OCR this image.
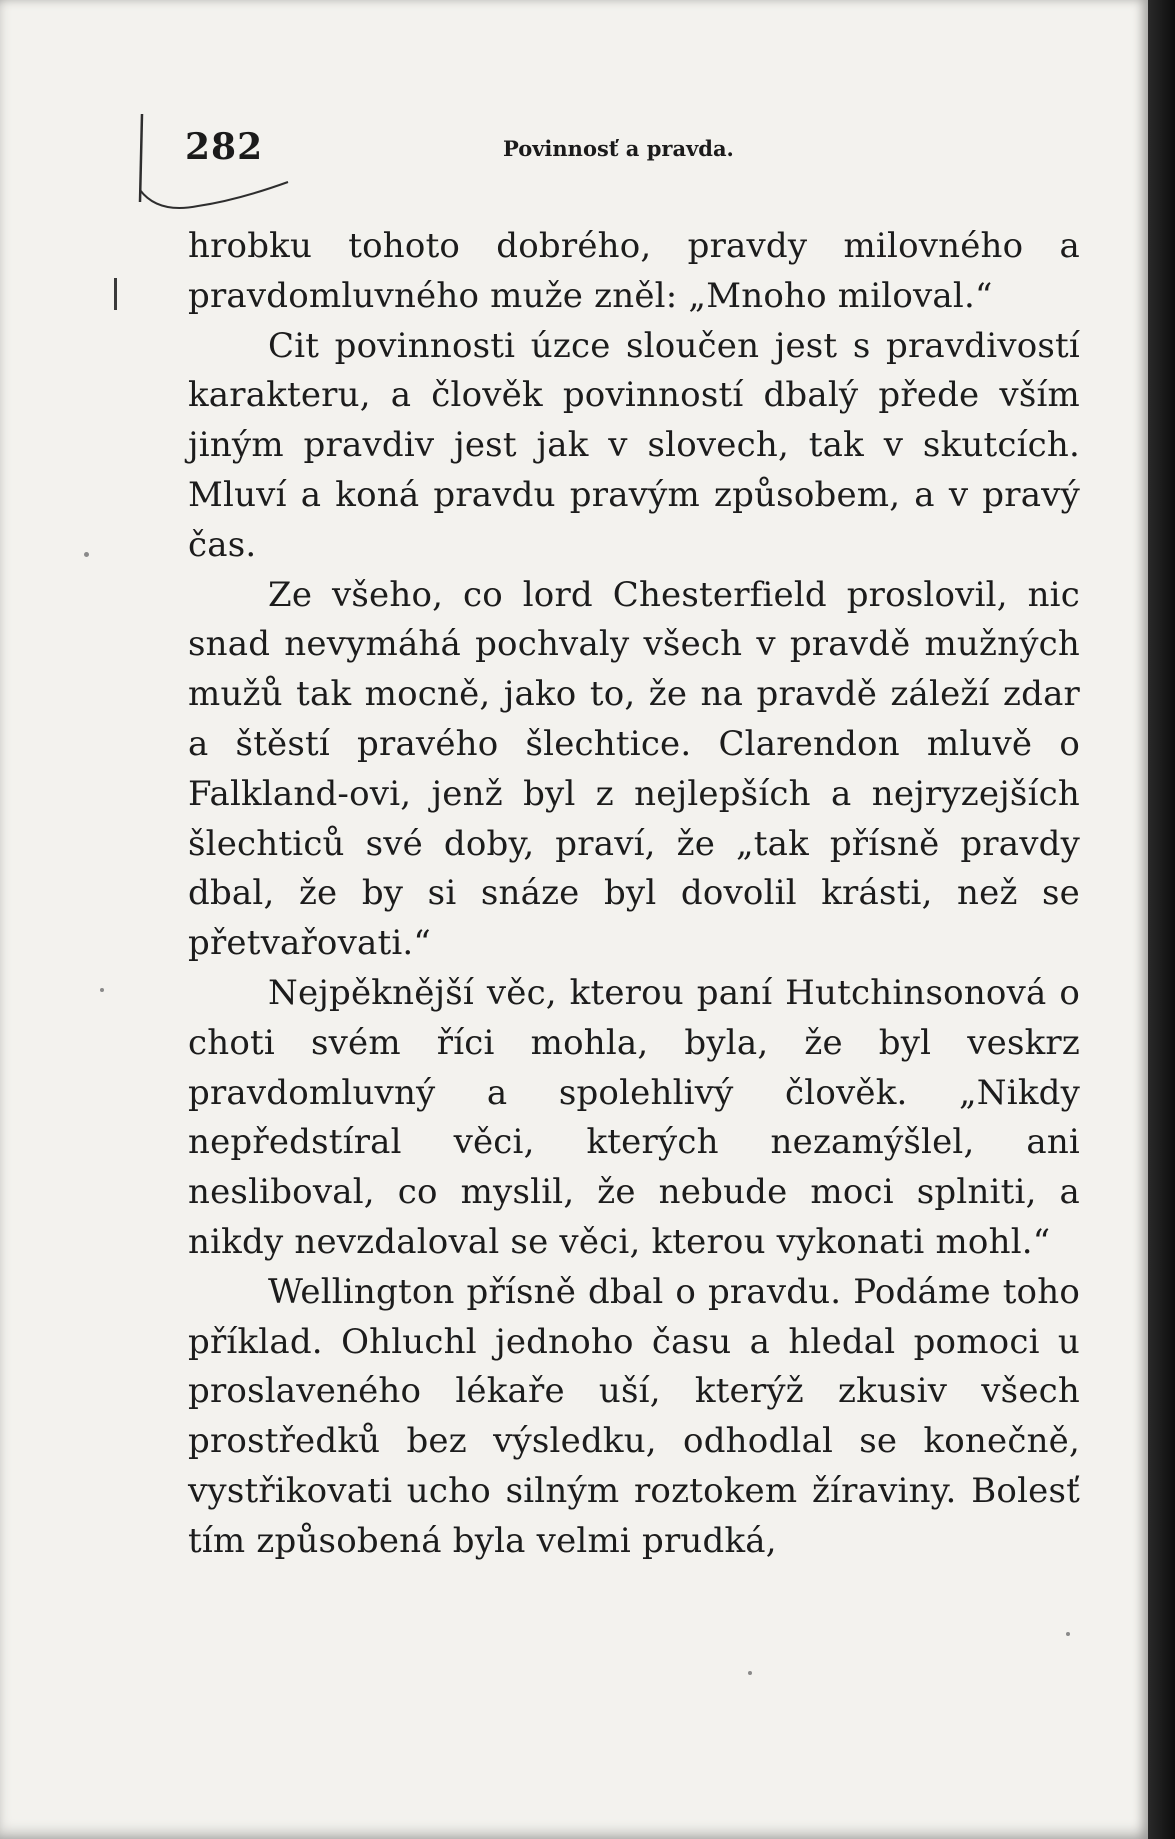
282	Povinnosť a pravda.

hrobku tohoto dobrého, pravdy milovného a pravdomluvného muže zněl: „Mnoho miloval.“

Cit povinnosti úzce sloučen jest s pravdivostí karakteru, a člověk povinností dbalý přede vším jiným pravdiv jest jak v slovech, tak v skutcích. Mluví a koná pravdu pravým způsobem, a v pravý čas.

Ze všeho, co lord Chesterfield proslovil, nic snad nevymáhá pochvaly všech v pravdě mužných mužů tak mocně, jako to, že na pravdě záleží zdar a štěstí pravého šlechtice. Clarendon mluvě o Falkland-ovi, jenž byl z nejlepších a nejryzejších šlechticů své doby, praví, že „tak přísně pravdy dbal, že by si snáze byl dovolil krásti, než se přetvařovati.“

Nejpěknější věc, kterou paní Hutchinsonová o choti svém říci mohla, byla, že byl veskrz pravdomluvný a spolehlivý člověk. „Nikdy nepředstíral věci, kterých nezamýšlel, ani nesliboval, co myslil, že nebude moci splniti, a nikdy nevzdaloval se věci, kterou vykonati mohl.“

Wellington přísně dbal o pravdu. Podáme toho příklad. Ohluchl jednoho času a hledal pomoci u proslaveného lékaře uší, kterýž zkusiv všech prostředků bez výsledku, odhodlal se konečně, vystřikovati ucho silným roztokem žíraviny. Bolesť tím způsobená byla velmi prudká,
